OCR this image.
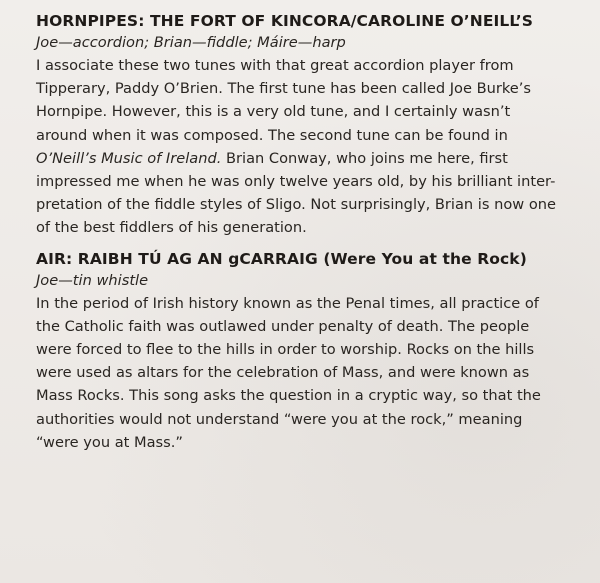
HORNPIPES: THE FORT OF KINCORA/CAROLINE O’NEILL’S

Joe—accordion; Brian—fiddle; Máire—harp

I associate these two tunes with that great accordion player from

Tipperary, Paddy O’Brien. The first tune has been called Joe Burke’s

Hornpipe. However, this is a very old tune, and I certainly wasn’t

around when it was composed. The second tune can be found in

O’Neill’s Music of Ireland. Brian Conway, who joins me here, first

impressed me when he was only twelve years old, by his brilliant inter-

pretation of the fiddle styles of Sligo. Not surprisingly, Brian is now one

of the best fiddlers of his generation.

AIR: RAIBH TÚ AG AN gCARRAIG (Were You at the Rock)

Joe—tin whistle

In the period of Irish history known as the Penal times, all practice of

the Catholic faith was outlawed under penalty of death. The people

were forced to flee to the hills in order to worship. Rocks on the hills

were used as altars for the celebration of Mass, and were known as

Mass Rocks. This song asks the question in a cryptic way, so that the

authorities would not understand “were you at the rock,” meaning

“were you at Mass.”
